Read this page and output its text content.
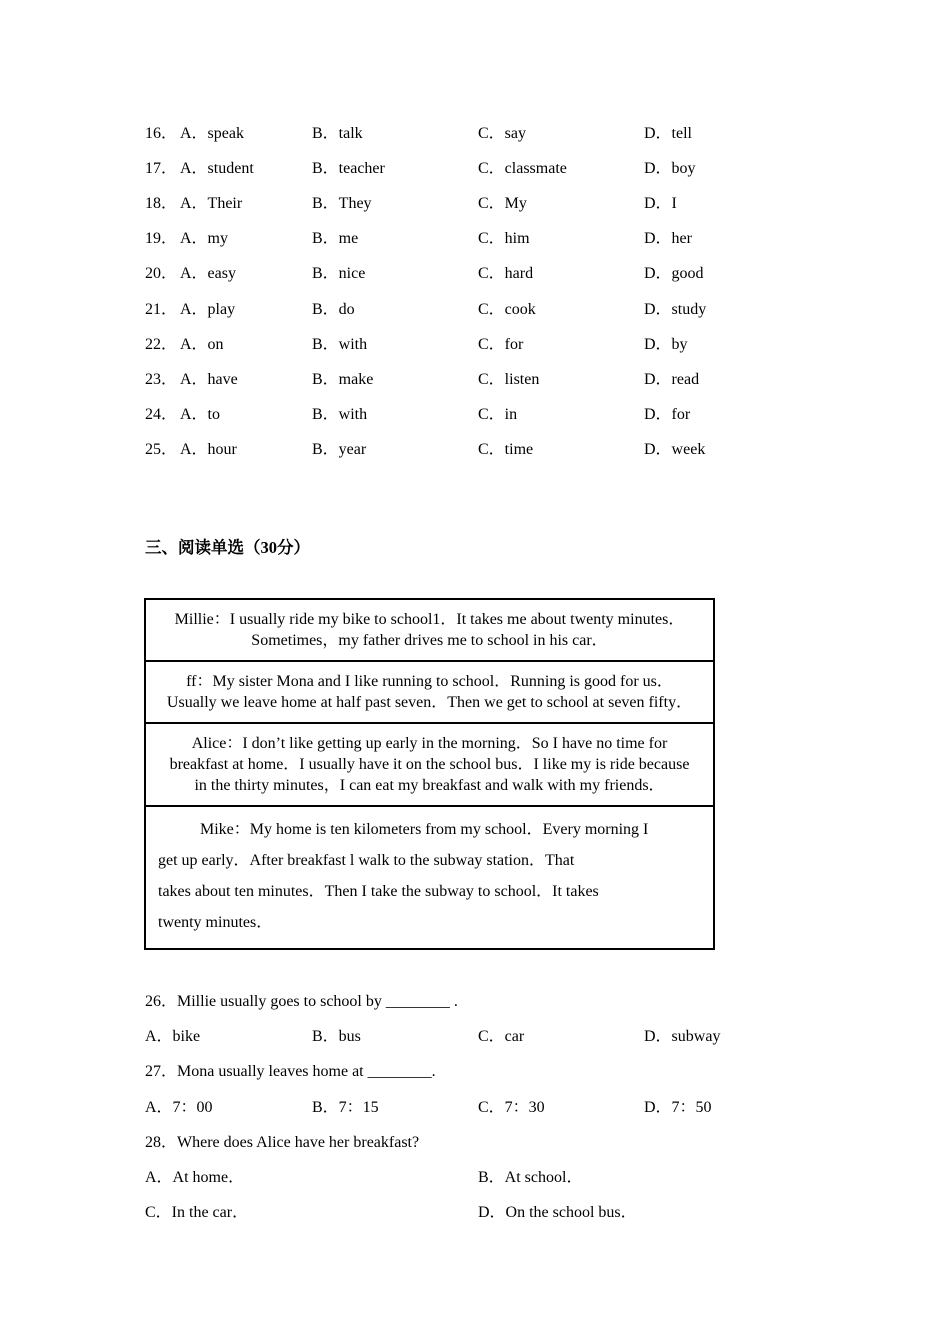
16． A．speak	B．talk	C．say	D．tell
17． A．student	B．teacher	C．classmate	D．boy
18． A．Their	B．They	C．My	D．I
19． A．my	B．me	C．him	D．her
20． A．easy	B．nice	C．hard	D．good
21． A．play	B．do	C．cook	D．study
22． A．on	B．with	C．for	D．by
23． A．have	B．make	C．listen	D．read
24． A．to	B．with	C．in	D．for
25． A．hour	B．year	C．time	D．week
三、阅读单选（30分）
Millie：I usually ride my bike to school1．It takes me about twenty minutes．
Sometimes，my father drives me to school in his car．
ff：My sister Mona and I like running to school．Running is good for us．
Usually we leave home at half past seven．Then we get to school at seven fifty．
Alice：I don’t like getting up early in the morning．So I have no time for
breakfast at home．I usually have it on the school bus．I like my is ride because
in the thirty minutes，I can eat my breakfast and walk with my friends．
Mike：My home is ten kilometers from my school．Every morning I
get up early．After breakfast l walk to the subway station．That
takes about ten minutes．Then I take the subway to school．It takes
twenty minutes．
26．Millie usually goes to school by ________ .
A．bike	B．bus	C．car	D．subway
27．Mona usually leaves home at ________.
A．7：00	B．7：15	C．7：30	D．7：50
28．Where does Alice have her breakfast?
A．At home．	B．At school．
C．In the car．	D．On the school bus．
